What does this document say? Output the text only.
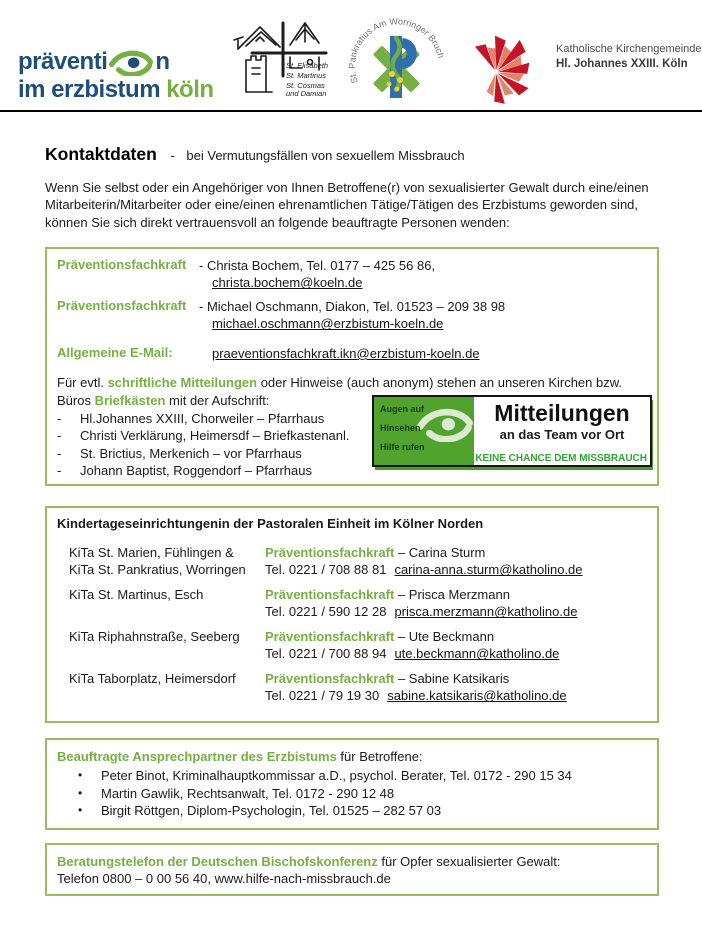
präventi n
im erzbistum köln
St. Elisabeth
St. Martinus
St. Cosmas
und Damian
St. Pankratius Am Worringer Bruch
Katholische Kirchengemeinde
Hl. Johannes XXIII. Köln
Kontaktdaten - bei Vermutungsfällen von sexuellem Missbrauch
Wenn Sie selbst oder ein Angehöriger von Ihnen Betroffene(r) von sexualisierter Gewalt durch eine/einen Mitarbeiterin/Mitarbeiter oder eine/einen ehrenamtlichen Tätige/Tätigen des Erzbistums geworden sind, können Sie sich direkt vertrauensvoll an folgende beauftragte Personen wenden:
Präventionsfachkraft - Christa Bochem, Tel. 0177 – 425 56 86,
christa.bochem@koeln.de
Präventionsfachkraft - Michael Oschmann, Diakon, Tel. 01523 – 209 38 98
michael.oschmann@erzbistum-koeln.de
Allgemeine E-Mail:	praeventionsfachkraft.ikn@erzbistum-koeln.de
Für evtl. schriftliche Mitteilungen oder Hinweise (auch anonym) stehen an unseren Kirchen bzw. Büros Briefkästen mit der Aufschrift:
-	Hl.Johannes XXIII, Chorweiler – Pfarrhaus
-	Christi Verklärung, Heimersdf – Briefkastenanl.
-	St. Brictius, Merkenich – vor Pfarrhaus
-	Johann Baptist, Roggendorf – Pfarrhaus
Augen auf
Hinsehen
Hilfe rufen
Mitteilungen
an das Team vor Ort
KEINE CHANCE DEM MISSBRAUCH
Kindertageseinrichtungenin der Pastoralen Einheit im Kölner Norden
KiTa St. Marien, Fühlingen &
KiTa St. Pankratius, Worringen
Präventionsfachkraft – Carina Sturm
Tel. 0221 / 708 88 81 carina-anna.sturm@katholino.de
KiTa St. Martinus, Esch	Präventionsfachkraft – Prisca Merzmann
Tel. 0221 / 590 12 28 prisca.merzmann@katholino.de
KiTa Riphahnstraße, Seeberg	Präventionsfachkraft – Ute Beckmann
Tel. 0221 / 700 88 94 ute.beckmann@katholino.de
KiTa Taborplatz, Heimersdorf	Präventionsfachkraft – Sabine Katsikaris
Tel. 0221 / 79 19 30 sabine.katsikaris@katholino.de
Beauftragte Ansprechpartner des Erzbistums für Betroffene:
•	Peter Binot, Kriminalhauptkommissar a.D., psychol. Berater, Tel. 0172 - 290 15 34
•	Martin Gawlik, Rechtsanwalt, Tel. 0172 - 290 12 48
•	Birgit Röttgen, Diplom-Psychologin, Tel. 01525 – 282 57 03
Beratungstelefon der Deutschen Bischofskonferenz für Opfer sexualisierter Gewalt:
Telefon 0800 – 0 00 56 40, www.hilfe-nach-missbrauch.de
